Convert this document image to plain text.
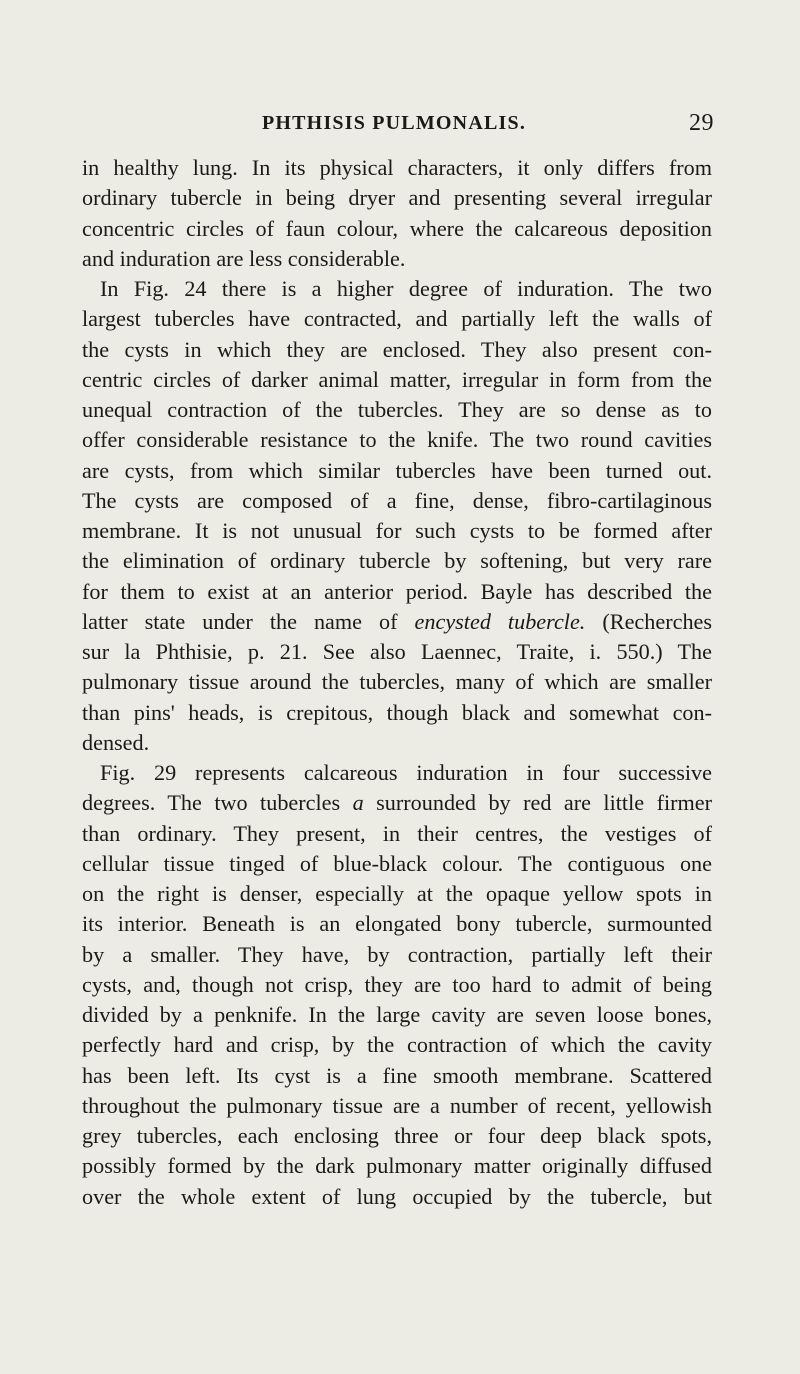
PHTHISIS PULMONALIS.	29
in healthy lung. In its physical characters, it only differs from
ordinary tubercle in being dryer and presenting several irregular
concentric circles of faun colour, where the calcareous deposition
and induration are less considerable.
In Fig. 24 there is a higher degree of induration. The two
largest tubercles have contracted, and partially left the walls of
the cysts in which they are enclosed. They also present con-
centric circles of darker animal matter, irregular in form from the
unequal contraction of the tubercles. They are so dense as to
offer considerable resistance to the knife. The two round cavities
are cysts, from which similar tubercles have been turned out.
The cysts are composed of a fine, dense, fibro-cartilaginous
membrane. It is not unusual for such cysts to be formed after
the elimination of ordinary tubercle by softening, but very rare
for them to exist at an anterior period. Bayle has described the
latter state under the name of encysted tubercle. (Recherches
sur la Phthisie, p. 21. See also Laennec, Traite, i. 550.) The
pulmonary tissue around the tubercles, many of which are smaller
than pins' heads, is crepitous, though black and somewhat con-
densed.
Fig. 29 represents calcareous induration in four successive
degrees. The two tubercles a surrounded by red are little firmer
than ordinary. They present, in their centres, the vestiges of
cellular tissue tinged of blue-black colour. The contiguous one
on the right is denser, especially at the opaque yellow spots in
its interior. Beneath is an elongated bony tubercle, surmounted
by a smaller. They have, by contraction, partially left their
cysts, and, though not crisp, they are too hard to admit of being
divided by a penknife. In the large cavity are seven loose bones,
perfectly hard and crisp, by the contraction of which the cavity
has been left. Its cyst is a fine smooth membrane. Scattered
throughout the pulmonary tissue are a number of recent, yellowish
grey tubercles, each enclosing three or four deep black spots,
possibly formed by the dark pulmonary matter originally diffused
over the whole extent of lung occupied by the tubercle, but
